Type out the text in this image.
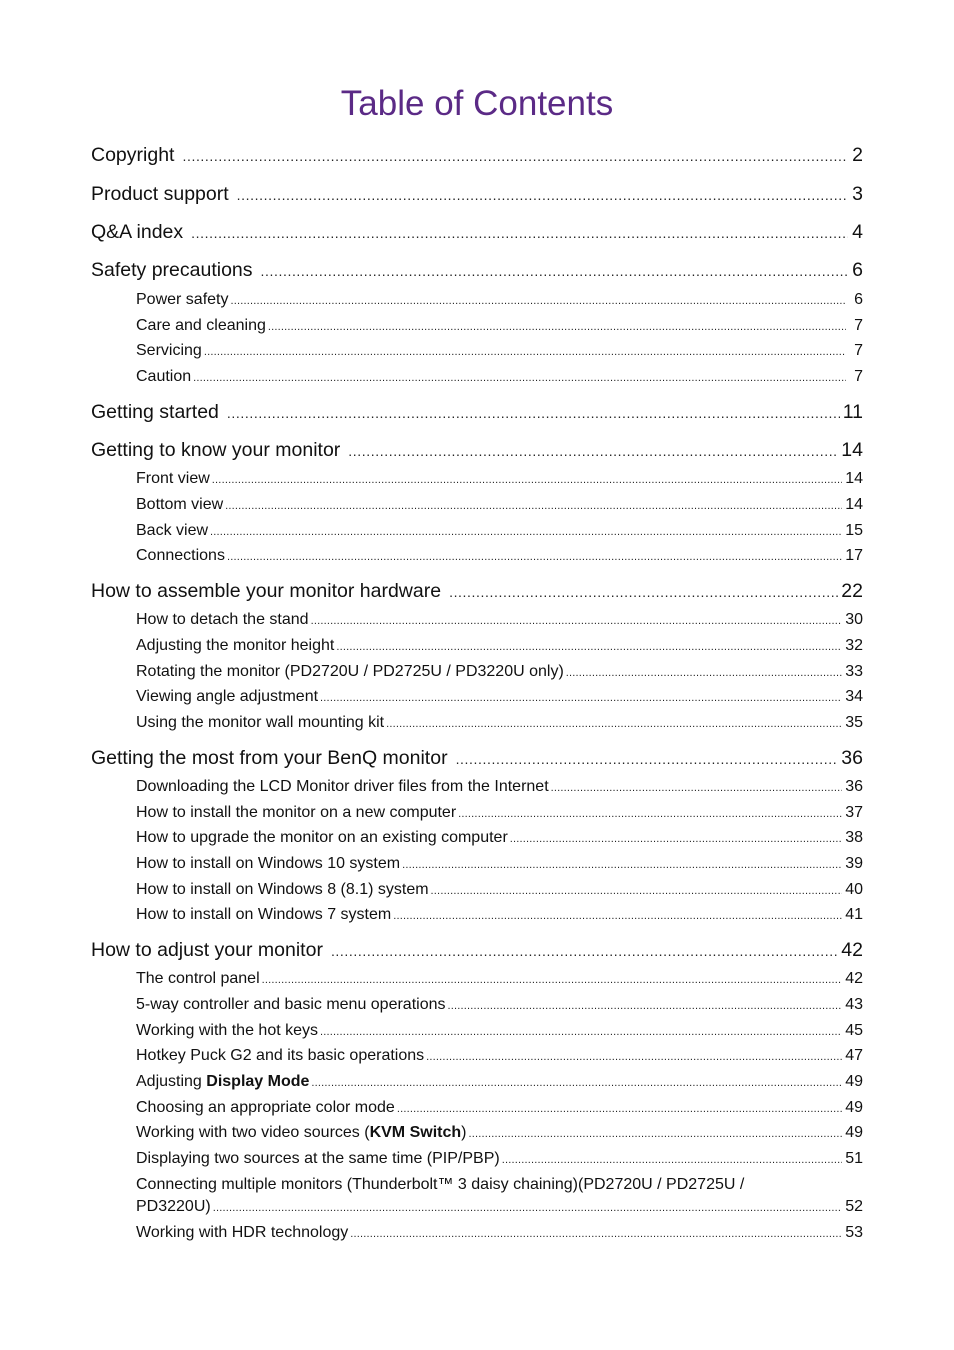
Table of Contents
Copyright .....	2
Product support .....	3
Q&A index .....	4
Safety precautions .....	6
Power safety .....	6
Care and cleaning .....	7
Servicing .....	7
Caution .....	7
Getting started .....	11
Getting to know your monitor .....	14
Front view .....	14
Bottom view .....	14
Back view .....	15
Connections .....	17
How to assemble your monitor hardware .....	22
How to detach the stand .....	30
Adjusting the monitor height .....	32
Rotating the monitor (PD2720U / PD2725U / PD3220U only) .....	33
Viewing angle adjustment .....	34
Using the monitor wall mounting kit .....	35
Getting the most from your BenQ monitor .....	36
Downloading the LCD Monitor driver files from the Internet .....	36
How to install the monitor on a new computer .....	37
How to upgrade the monitor on an existing computer .....	38
How to install on Windows 10 system .....	39
How to install on Windows 8 (8.1) system .....	40
How to install on Windows 7 system .....	41
How to adjust your monitor .....	42
The control panel .....	42
5-way controller and basic menu operations .....	43
Working with the hot keys .....	45
Hotkey Puck G2 and its basic operations .....	47
Adjusting Display Mode .....	49
Choosing an appropriate color mode .....	49
Working with two video sources (KVM Switch) .....	49
Displaying two sources at the same time (PIP/PBP) .....	51
Connecting multiple monitors (Thunderbolt™ 3 daisy chaining)(PD2720U / PD2725U /
PD3220U) .....	52
Working with HDR technology .....	53
